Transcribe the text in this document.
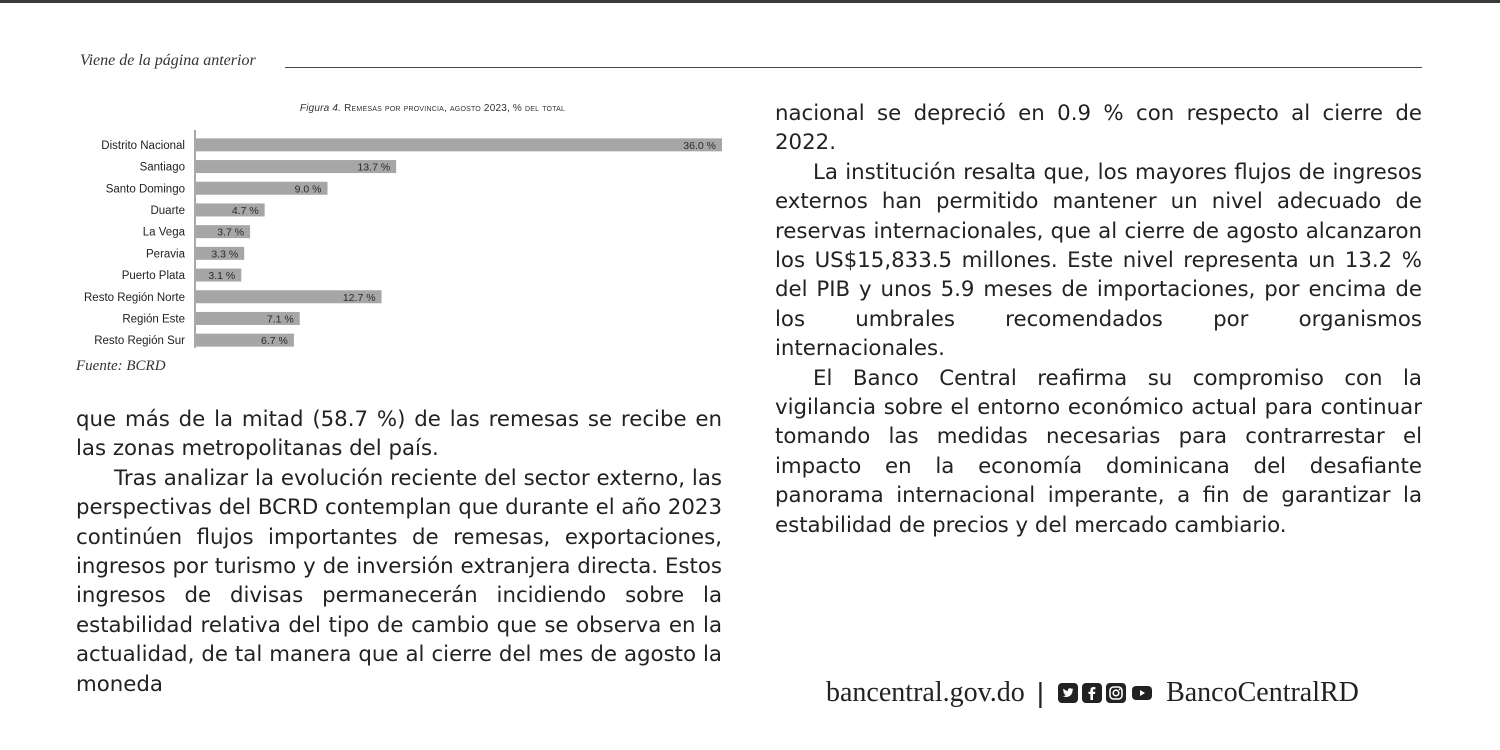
Viene de la página anterior
Figura 4. Remesas por provincia, agosto 2023, % del total
Distrito Nacional	36.0 %
Santiago	13.7 %
Santo Domingo	9.0 %
Duarte	4.7 %
La Vega	3.7 %
Peravia	3.3 %
Puerto Plata 3.1 %
Resto Región Norte	12.7 %
Región Este	7.1 %
Resto Región Sur	6.7 %
Fuente: BCRD

que más de la mitad (58.7 %) de las remesas se recibe en las zonas metropolitanas del país.

Tras analizar la evolución reciente del sector externo, las perspectivas del BCRD contemplan que durante el año 2023 continúen flujos importantes de remesas, exportaciones, ingresos por turismo y de inversión extranjera directa. Estos ingresos de divisas permanecerán incidiendo sobre la estabilidad relativa del tipo de cambio que se observa en la actualidad, de tal manera que al cierre del mes de agosto la moneda

nacional se depreció en 0.9 % con respecto al cierre de 2022.

La institución resalta que, los mayores flujos de ingresos externos han permitido mantener un nivel adecuado de reservas internacionales, que al cierre de agosto alcanzaron los US$15,833.5 millones. Este nivel representa un 13.2 % del PIB y unos 5.9 meses de importaciones, por encima de los umbrales recomendados por organismos internacionales.

El Banco Central reafirma su compromiso con la vigilancia sobre el entorno económico actual para continuar tomando las medidas necesarias para contrarrestar el impacto en la economía dominicana del desafiante panorama internacional imperante, a fin de garantizar la estabilidad de precios y del mercado cambiario.

bancentral.gov.do |	BancoCentralRD
